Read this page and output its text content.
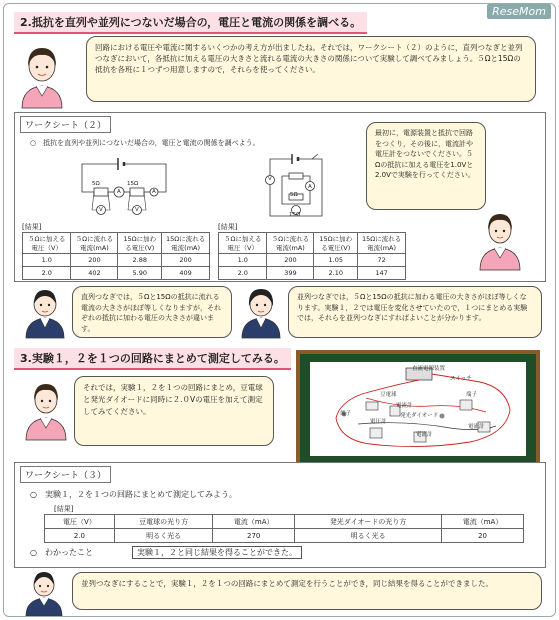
ReseMom
2.抵抗を直列や並列につないだ場合の，電圧と電流の関係を調べる。
回路における電圧や電流に関するいくつかの考え方が出ましたね。それでは，ワークシート（２）のように，直列つなぎと並列つなぎにおいて，各抵抗に加える電圧の大きさと流れる電流の大きさの関係について実験して調べてみましょう。５Ωと15Ωの抵抗を各班に１つずつ用意しますので，それらを使ってください。
ワークシート（２）
○　抵抗を直列や並列につないだ場合の，電圧と電流の関係を調べよう。
5Ω	15Ω
A	A
V	V
V
5Ω
15Ω
A
最初に，電源装置と抵抗で回路をつくり，その後に，電流計や電圧計をつないでください。５Ωの抵抗に加える電圧を1.0Vと2.0Vで実験を行ってください。
[結果]
５Ωに加える電圧（V）	５Ωに流れる電流(mA)	15Ωに加わる電圧(V)	15Ωに流れる電流(mA)
1.0	200	2.88	200
2.0	402	5.90	409
[結果]
５Ωに加える電圧（V）	５Ωに流れる電流(mA)	15Ωに加わる電圧(V)	15Ωに流れる電流(mA)
1.0	200	1.05	72
2.0	399	2.10	147
直列つなぎでは，５Ωと15Ωの抵抗に流れる電流の大きさがほぼ等しくなりますが，それぞれの抵抗に加わる電圧の大きさが違います。
並列つなぎでは，５Ωと15Ωの抵抗に加わる電圧の大きさがほぼ等しくなります。実験１，２では電圧を変化させていたので，１つにまとめる実験では，それらを並列つなぎにすればよいことが分かります。
3.実験１，２を１つの回路にまとめて測定してみる。
それでは，実験１，２を１つの回路にまとめ，豆電球と発光ダイオードに同時に２.０Vの電圧を加えて測定してみてください。
直流電源装置
スイッチ
端子
豆電球
電流計
発光ダイオード
電圧計
端子
電流計
電流計
ワークシート（３）
○　実験１，２を１つの回路にまとめて測定してみよう。
[結果]
電圧（V）	豆電球の光り方	電流（mA）	発光ダイオードの光り方	電流（mA）
2.0	明るく光る	270	明るく光る	20
○　わかったこと	実験１，２と同じ結果を得ることができた。
並列つなぎにすることで，実験１，２を１つの回路にまとめて測定を行うことができ，同じ結果を得ることができました。
